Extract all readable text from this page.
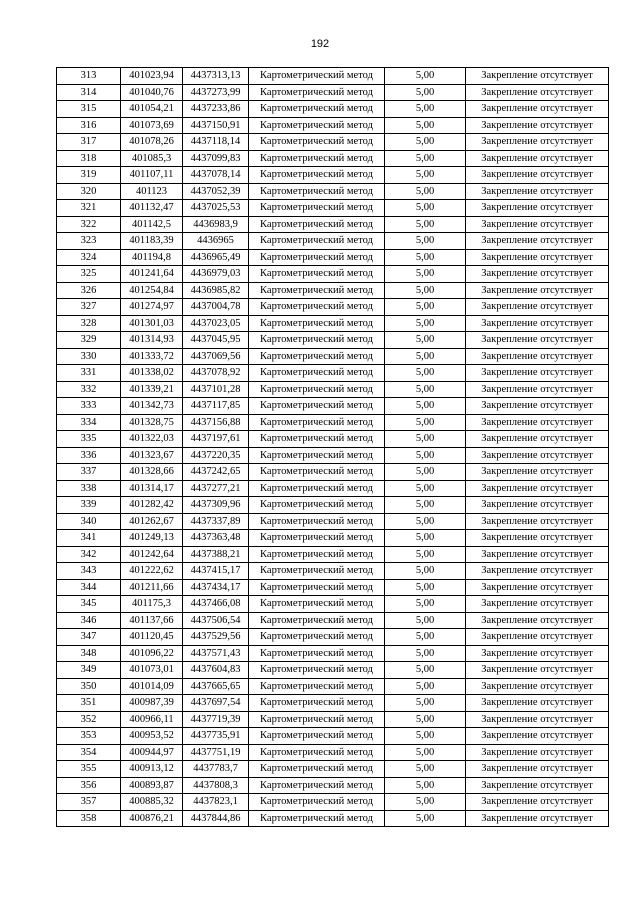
192
313	401023,94	4437313,13	Картометрический метод	5,00	Закрепление отсутствует
314	401040,76	4437273,99	Картометрический метод	5,00	Закрепление отсутствует
315	401054,21	4437233,86	Картометрический метод	5,00	Закрепление отсутствует
316	401073,69	4437150,91	Картометрический метод	5,00	Закрепление отсутствует
317	401078,26	4437118,14	Картометрический метод	5,00	Закрепление отсутствует
318	401085,3	4437099,83	Картометрический метод	5,00	Закрепление отсутствует
319	401107,11	4437078,14	Картометрический метод	5,00	Закрепление отсутствует
320	401123	4437052,39	Картометрический метод	5,00	Закрепление отсутствует
321	401132,47	4437025,53	Картометрический метод	5,00	Закрепление отсутствует
322	401142,5	4436983,9	Картометрический метод	5,00	Закрепление отсутствует
323	401183,39	4436965	Картометрический метод	5,00	Закрепление отсутствует
324	401194,8	4436965,49	Картометрический метод	5,00	Закрепление отсутствует
325	401241,64	4436979,03	Картометрический метод	5,00	Закрепление отсутствует
326	401254,84	4436985,82	Картометрический метод	5,00	Закрепление отсутствует
327	401274,97	4437004,78	Картометрический метод	5,00	Закрепление отсутствует
328	401301,03	4437023,05	Картометрический метод	5,00	Закрепление отсутствует
329	401314,93	4437045,95	Картометрический метод	5,00	Закрепление отсутствует
330	401333,72	4437069,56	Картометрический метод	5,00	Закрепление отсутствует
331	401338,02	4437078,92	Картометрический метод	5,00	Закрепление отсутствует
332	401339,21	4437101,28	Картометрический метод	5,00	Закрепление отсутствует
333	401342,73	4437117,85	Картометрический метод	5,00	Закрепление отсутствует
334	401328,75	4437156,88	Картометрический метод	5,00	Закрепление отсутствует
335	401322,03	4437197,61	Картометрический метод	5,00	Закрепление отсутствует
336	401323,67	4437220,35	Картометрический метод	5,00	Закрепление отсутствует
337	401328,66	4437242,65	Картометрический метод	5,00	Закрепление отсутствует
338	401314,17	4437277,21	Картометрический метод	5,00	Закрепление отсутствует
339	401282,42	4437309,96	Картометрический метод	5,00	Закрепление отсутствует
340	401262,67	4437337,89	Картометрический метод	5,00	Закрепление отсутствует
341	401249,13	4437363,48	Картометрический метод	5,00	Закрепление отсутствует
342	401242,64	4437388,21	Картометрический метод	5,00	Закрепление отсутствует
343	401222,62	4437415,17	Картометрический метод	5,00	Закрепление отсутствует
344	401211,66	4437434,17	Картометрический метод	5,00	Закрепление отсутствует
345	401175,3	4437466,08	Картометрический метод	5,00	Закрепление отсутствует
346	401137,66	4437506,54	Картометрический метод	5,00	Закрепление отсутствует
347	401120,45	4437529,56	Картометрический метод	5,00	Закрепление отсутствует
348	401096,22	4437571,43	Картометрический метод	5,00	Закрепление отсутствует
349	401073,01	4437604,83	Картометрический метод	5,00	Закрепление отсутствует
350	401014,09	4437665,65	Картометрический метод	5,00	Закрепление отсутствует
351	400987,39	4437697,54	Картометрический метод	5,00	Закрепление отсутствует
352	400966,11	4437719,39	Картометрический метод	5,00	Закрепление отсутствует
353	400953,52	4437735,91	Картометрический метод	5,00	Закрепление отсутствует
354	400944,97	4437751,19	Картометрический метод	5,00	Закрепление отсутствует
355	400913,12	4437783,7	Картометрический метод	5,00	Закрепление отсутствует
356	400893,87	4437808,3	Картометрический метод	5,00	Закрепление отсутствует
357	400885,32	4437823,1	Картометрический метод	5,00	Закрепление отсутствует
358	400876,21	4437844,86	Картометрический метод	5,00	Закрепление отсутствует
